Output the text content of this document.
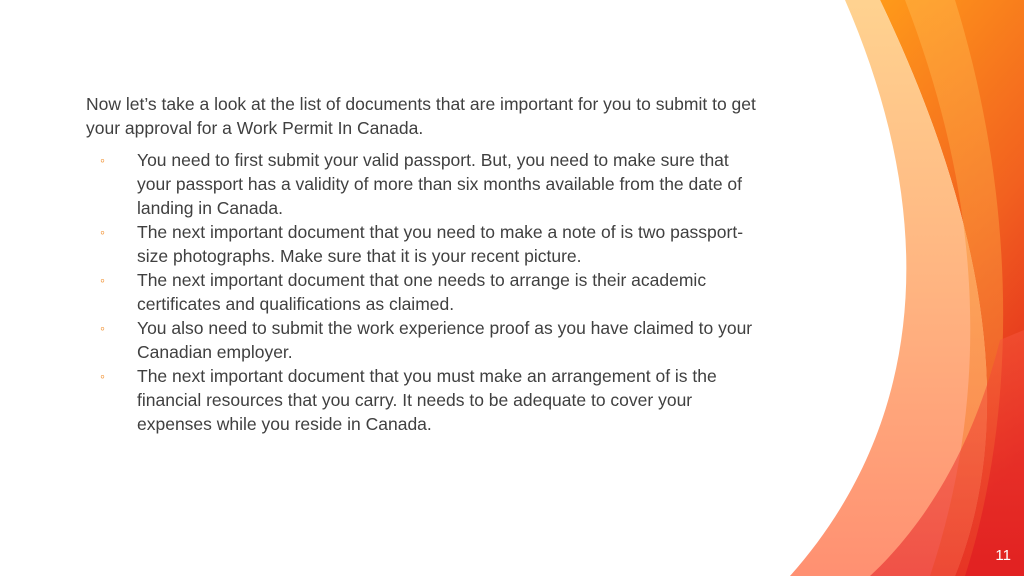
Now let’s take a look at the list of documents that are important for you to submit to get your approval for a Work Permit In Canada.

◦ You need to first submit your valid passport. But, you need to make sure that your passport has a validity of more than six months available from the date of landing in Canada.
◦ The next important document that you need to make a note of is two passport-size photographs. Make sure that it is your recent picture.
◦ The next important document that one needs to arrange is their academic certificates and qualifications as claimed.
◦ You also need to submit the work experience proof as you have claimed to your Canadian employer.
◦ The next important document that you must make an arrangement of is the financial resources that you carry. It needs to be adequate to cover your expenses while you reside in Canada.
11
